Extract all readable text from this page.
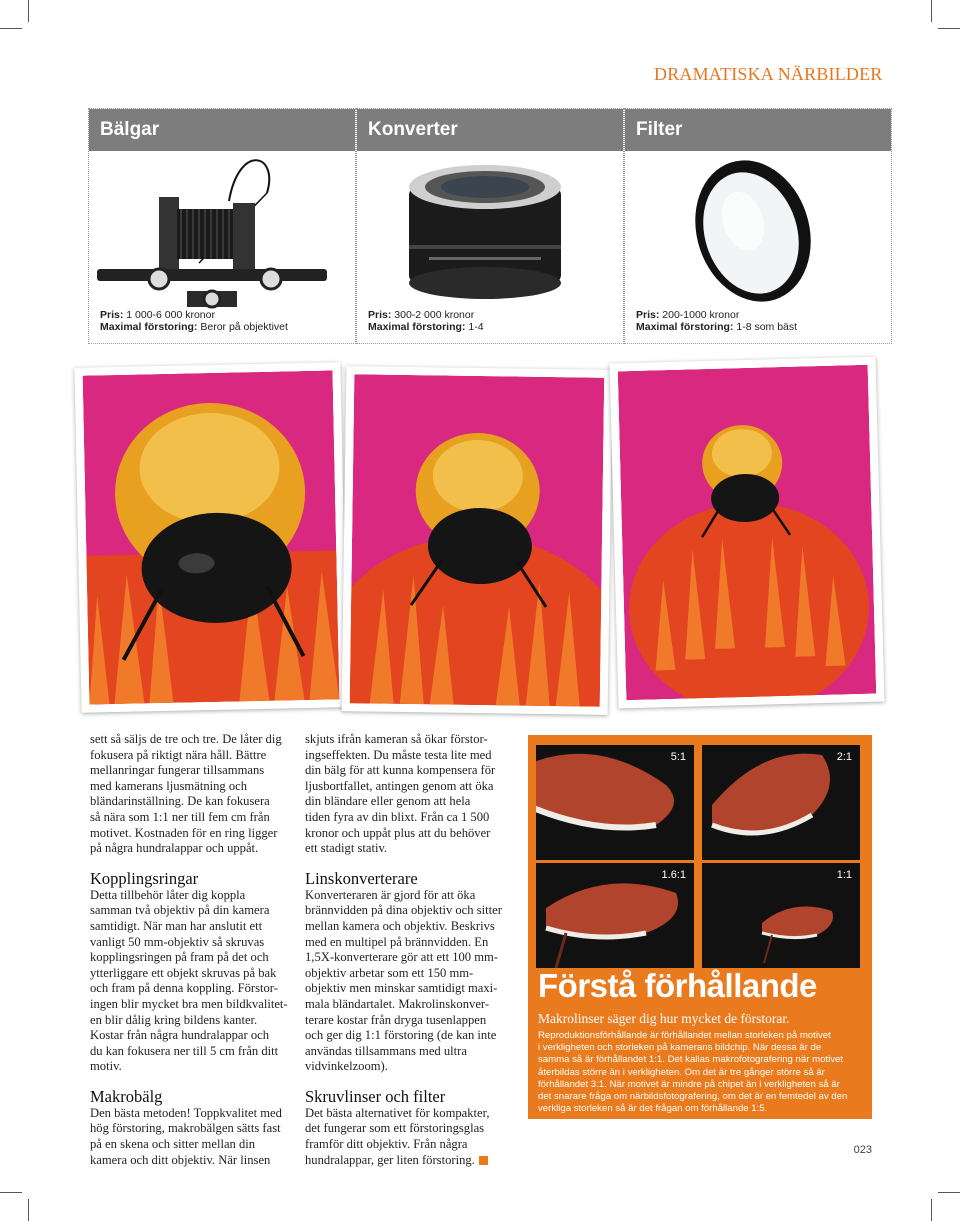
DRAMATISKA NÄRBILDER
Bälgar
Pris: 1 000-6 000 kronor
Maximal förstoring: Beror på objektivet
Konverter
Pris: 300-2 000 kronor
Maximal förstoring: 1-4
Filter
Pris: 200-1000 kronor
Maximal förstoring: 1-8 som bäst

sett så säljs de tre och tre. De låter dig
fokusera på riktigt nära håll. Bättre
mellanringar fungerar tillsammans
med kamerans ljusmätning och
bländarinställning. De kan fokusera
så nära som 1:1 ner till fem cm från
motivet. Kostnaden för en ring ligger
på några hundralappar och uppåt.

Kopplingsringar

Detta tillbehör låter dig koppla
samman två objektiv på din kamera
samtidigt. När man har anslutit ett
vanligt 50 mm-objektiv så skruvas
kopplingsringen på fram på det och
ytterliggare ett objekt skruvas på bak
och fram på denna koppling. Förstor-
ingen blir mycket bra men bildkvalitet-
en blir dålig kring bildens kanter.
Kostar från några hundralappar och
du kan fokusera ner till 5 cm från ditt
motiv.

Makrobälg

Den bästa metoden! Toppkvalitet med
hög förstoring, makrobälgen sätts fast
på en skena och sitter mellan din
kamera och ditt objektiv. När linsen

skjuts ifrån kameran så ökar förstor-
ingseffekten. Du måste testa lite med
din bälg för att kunna kompensera för
ljusbortfallet, antingen genom att öka
din bländare eller genom att hela
tiden fyra av din blixt. Från ca 1 500
kronor och uppåt plus att du behöver
ett stadigt stativ.

Linskonverterare

Konverteraren är gjord för att öka
brännvidden på dina objektiv och sitter
mellan kamera och objektiv. Beskrivs
med en multipel på brännvidden. En
1,5X-konverterare gör att ett 100 mm-
objektiv arbetar som ett 150 mm-
objektiv men minskar samtidigt maxi-
mala bländartalet. Makrolinskonver-
terare kostar från dryga tusenlappen
och ger dig 1:1 förstoring (de kan inte
användas tillsammans med ultra
vidvinkelzoom).

Skruvlinser och filter

Det bästa alternativet för kompakter,
det fungerar som ett förstoringsglas
framför ditt objektiv. Från några
hundralappar, ger liten förstoring.

5:1	2:1
1.6:1	1:1
Förstå förhållande
Makrolinser säger dig hur mycket de förstorar.
Reproduktionsförhållande är förhållandet mellan storleken på motivet
i verkligheten och storleken på kamerans bildchip. När dessa är de
samma så är förhållandet 1:1. Det kallas makrofotografering när motivet
återbildas större än i verkligheten. Om det är tre gånger större så är
förhållandet 3:1. När motivet är mindre på chipet än i verkligheten så är
det snarare fråga om närbildsfotografering, om det är en femtedel av den
verkliga storleken så är det frågan om förhållande 1:5.
023
